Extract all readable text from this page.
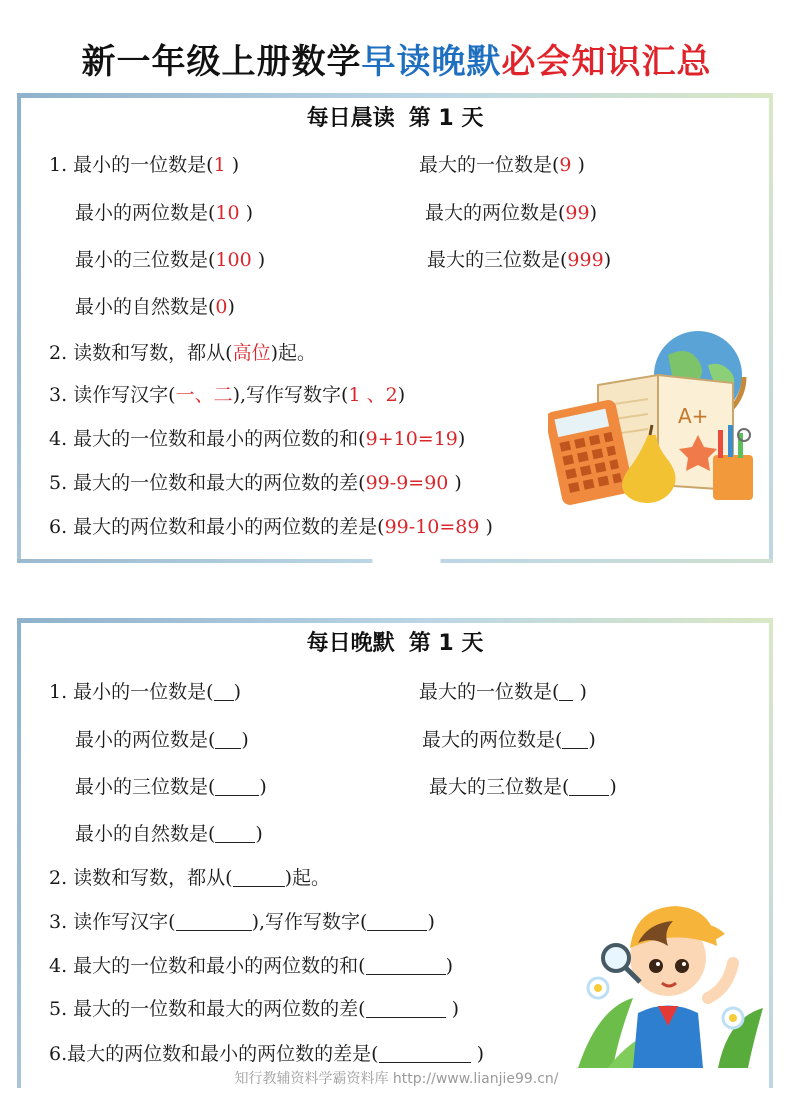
新一年级上册数学早读晚默必会知识汇总
每日晨读 第 1 天
1. 最小的一位数是(1 )	最大的一位数是(9 )
最小的两位数是(10 )	最大的两位数是(99)
最小的三位数是(100 )	最大的三位数是(999)
最小的自然数是(0)
2. 读数和写数，都从(高位)起。
3. 读作写汉字(一、二),写作写数字(1 、2)
4. 最大的一位数和最小的两位数的和(9+10=19)
5. 最大的一位数和最大的两位数的差(99-9=90 )
6. 最大的两位数和最小的两位数的差是(99-10=89 )
A+
每日晚默 第 1 天
1. 最小的一位数是( )	最大的一位数是( )
最小的两位数是( )	最大的两位数是( )
最小的三位数是( )	最大的三位数是( )
最小的自然数是( )
2. 读数和写数，都从(	)起。
3. 读作写汉字(	),写作写数字(	)
4. 最大的一位数和最小的两位数的和(	)
5. 最大的一位数和最大的两位数的差(	)
6.最大的两位数和最小的两位数的差是(	)
知行教辅资料学霸资料库 http://www.lianjie99.cn/
